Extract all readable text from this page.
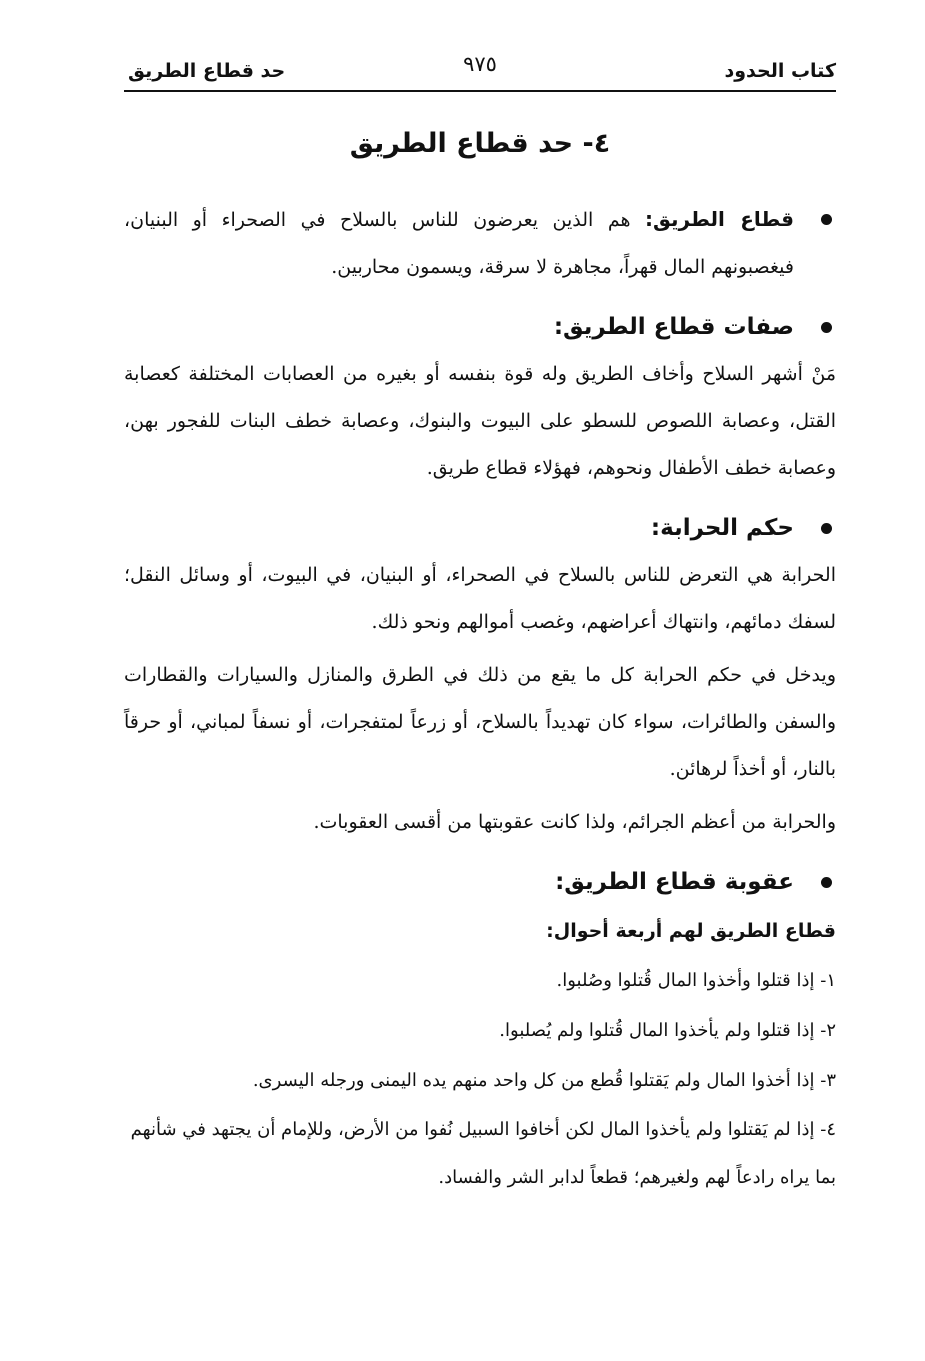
كتاب الحدود
٩٧٥
حد قطاع الطريق
٤- حد قطاع الطريق

قطاع الطريق: هم الذين يعرضون للناس بالسلاح في الصحراء أو البنيان، فيغصبونهم المال قهراً، مجاهرة لا سرقة، ويسمون محاربين.

صفات قطاع الطريق:

مَنْ أشهر السلاح وأخاف الطريق وله قوة بنفسه أو بغيره من العصابات المختلفة كعصابة القتل، وعصابة اللصوص للسطو على البيوت والبنوك، وعصابة خطف البنات للفجور بهن، وعصابة خطف الأطفال ونحوهم، فهؤلاء قطاع طريق.

حكم الحرابة:

الحرابة هي التعرض للناس بالسلاح في الصحراء، أو البنيان، في البيوت، أو وسائل النقل؛ لسفك دمائهم، وانتهاك أعراضهم، وغصب أموالهم ونحو ذلك.

ويدخل في حكم الحرابة كل ما يقع من ذلك في الطرق والمنازل والسيارات والقطارات والسفن والطائرات، سواء كان تهديداً بالسلاح، أو زرعاً لمتفجرات، أو نسفاً لمباني، أو حرقاً بالنار، أو أخذاً لرهائن.

والحرابة من أعظم الجرائم، ولذا كانت عقوبتها من أقسى العقوبات.

عقوبة قطاع الطريق:

قطاع الطريق لهم أربعة أحوال:

١- إذا قتلوا وأخذوا المال قُتلوا وصُلبوا.

٢- إذا قتلوا ولم يأخذوا المال قُتلوا ولم يُصلبوا.

٣- إذا أخذوا المال ولم يَقتلوا قُطع من كل واحد منهم يده اليمنى ورجله اليسرى.

٤- إذا لم يَقتلوا ولم يأخذوا المال لكن أخافوا السبيل نُفوا من الأرض، وللإمام أن يجتهد في شأنهم بما يراه رادعاً لهم ولغيرهم؛ قطعاً لدابر الشر والفساد.
